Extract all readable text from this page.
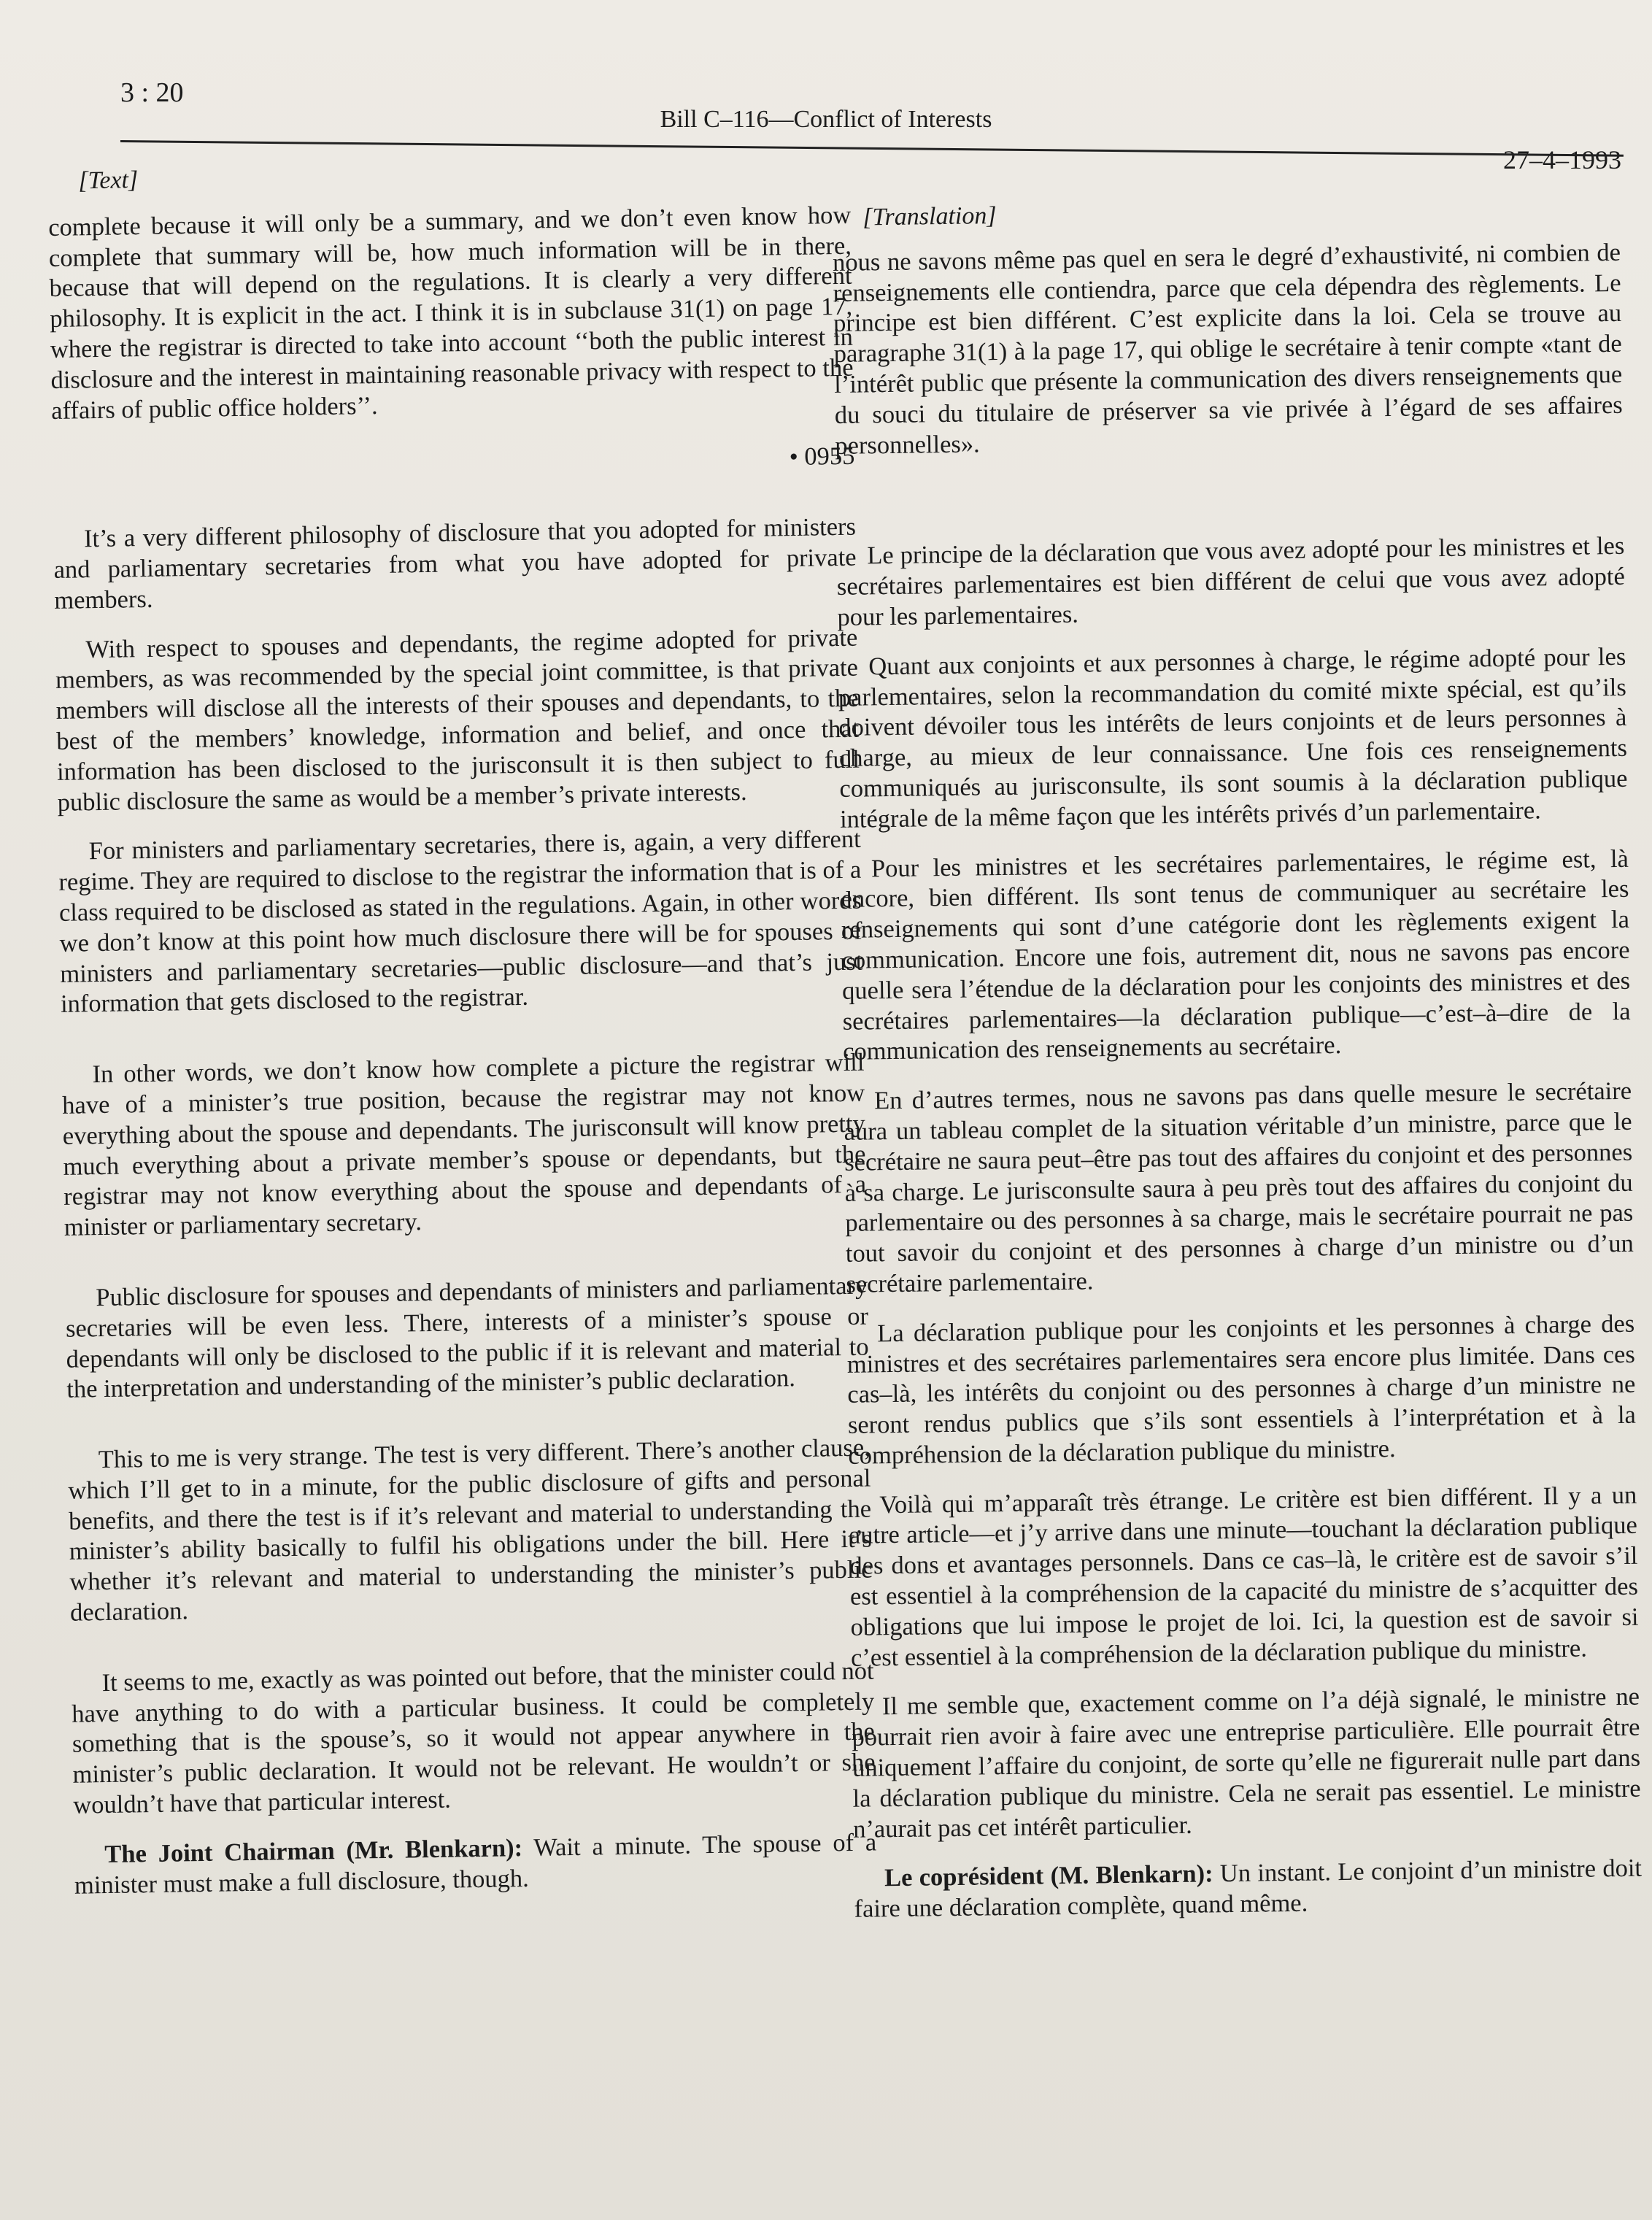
3 : 20
Bill C–116—Conflict of Interests
27–4–1993
[Text]

complete because it will only be a summary, and we don’t even know how complete that summary will be, how much information will be in there, because that will depend on the regulations. It is clearly a very different philosophy. It is explicit in the act. I think it is in subclause 31(1) on page 17, where the registrar is directed to take into account ‘‘both the public interest in disclosure and the interest in maintaining reasonable privacy with respect to the affairs of public office holders’’.

• 0955

It’s a very different philosophy of disclosure that you adopted for ministers and parliamentary secretaries from what you have adopted for private members.

With respect to spouses and dependants, the regime adopted for private members, as was recommended by the special joint committee, is that private members will disclose all the interests of their spouses and dependants, to the best of the members’ knowledge, information and belief, and once that information has been disclosed to the jurisconsult it is then subject to full public disclosure the same as would be a member’s private interests.

For ministers and parliamentary secretaries, there is, again, a very different regime. They are required to disclose to the registrar the information that is of a class required to be disclosed as stated in the regulations. Again, in other words we don’t know at this point how much disclosure there will be for spouses of ministers and parliamentary secretaries—public disclosure—and that’s just information that gets disclosed to the registrar.

In other words, we don’t know how complete a picture the registrar will have of a minister’s true position, because the registrar may not know everything about the spouse and dependants. The jurisconsult will know pretty much everything about a private member’s spouse or dependants, but the registrar may not know everything about the spouse and dependants of a minister or parliamentary secretary.

Public disclosure for spouses and dependants of ministers and parliamentary secretaries will be even less. There, interests of a minister’s spouse or dependants will only be disclosed to the public if it is relevant and material to the interpretation and understanding of the minister’s public declaration.

This to me is very strange. The test is very different. There’s another clause, which I’ll get to in a minute, for the public disclosure of gifts and personal benefits, and there the test is if it’s relevant and material to understanding the minister’s ability basically to fulfil his obligations under the bill. Here it’s whether it’s relevant and material to understanding the minister’s public declaration.

It seems to me, exactly as was pointed out before, that the minister could not have anything to do with a particular business. It could be completely something that is the spouse’s, so it would not appear anywhere in the minister’s public declaration. It would not be relevant. He wouldn’t or she wouldn’t have that particular interest.

The Joint Chairman (Mr. Blenkarn): Wait a minute. The spouse of a minister must make a full disclosure, though.

[Translation]

nous ne savons même pas quel en sera le degré d’exhaustivité, ni combien de renseignements elle contiendra, parce que cela dépendra des règlements. Le principe est bien différent. C’est explicite dans la loi. Cela se trouve au paragraphe 31(1) à la page 17, qui oblige le secrétaire à tenir compte «tant de l’intérêt public que présente la communication des divers renseignements que du souci du titulaire de préserver sa vie privée à l’égard de ses affaires personnelles».

Le principe de la déclaration que vous avez adopté pour les ministres et les secrétaires parlementaires est bien différent de celui que vous avez adopté pour les parlementaires.

Quant aux conjoints et aux personnes à charge, le régime adopté pour les parlementaires, selon la recommandation du comité mixte spécial, est qu’ils doivent dévoiler tous les intérêts de leurs conjoints et de leurs personnes à charge, au mieux de leur connaissance. Une fois ces renseignements communiqués au jurisconsulte, ils sont soumis à la déclaration publique intégrale de la même façon que les intérêts privés d’un parlementaire.

Pour les ministres et les secrétaires parlementaires, le régime est, là encore, bien différent. Ils sont tenus de communiquer au secrétaire les renseignements qui sont d’une catégorie dont les règlements exigent la communication. Encore une fois, autrement dit, nous ne savons pas encore quelle sera l’étendue de la déclaration pour les conjoints des ministres et des secrétaires parlementaires—la déclaration publique—c’est–à–dire de la communication des renseignements au secrétaire.

En d’autres termes, nous ne savons pas dans quelle mesure le secrétaire aura un tableau complet de la situation véritable d’un ministre, parce que le secrétaire ne saura peut–être pas tout des affaires du conjoint et des personnes à sa charge. Le jurisconsulte saura à peu près tout des affaires du conjoint du parlementaire ou des personnes à sa charge, mais le secrétaire pourrait ne pas tout savoir du conjoint et des personnes à charge d’un ministre ou d’un secrétaire parlementaire.

La déclaration publique pour les conjoints et les personnes à charge des ministres et des secrétaires parlementaires sera encore plus limitée. Dans ces cas–là, les intérêts du conjoint ou des personnes à charge d’un ministre ne seront rendus publics que s’ils sont essentiels à l’interprétation et à la compréhension de la déclaration publique du ministre.

Voilà qui m’apparaît très étrange. Le critère est bien différent. Il y a un autre article—et j’y arrive dans une minute—touchant la déclaration publique des dons et avantages personnels. Dans ce cas–là, le critère est de savoir s’il est essentiel à la compréhension de la capacité du ministre de s’acquitter des obligations que lui impose le projet de loi. Ici, la question est de savoir si c’est essentiel à la compréhension de la déclaration publique du ministre.

Il me semble que, exactement comme on l’a déjà signalé, le ministre ne pourrait rien avoir à faire avec une entreprise particulière. Elle pourrait être uniquement l’affaire du conjoint, de sorte qu’elle ne figurerait nulle part dans la déclaration publique du ministre. Cela ne serait pas essentiel. Le ministre n’aurait pas cet intérêt particulier.

Le coprésident (M. Blenkarn): Un instant. Le conjoint d’un ministre doit faire une déclaration complète, quand même.
